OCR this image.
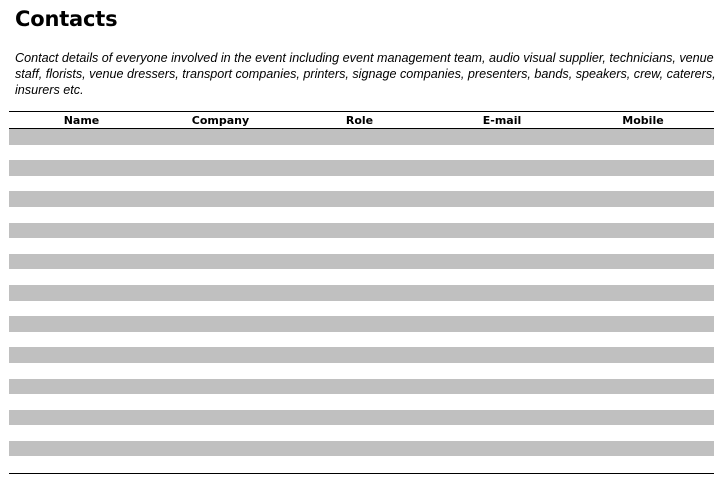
Contacts

Contact details of everyone involved in the event including event management team, audio visual supplier, technicians, venue staff, florists, venue dressers, transport companies, printers, signage companies, presenters, bands, speakers, crew, caterers, insurers etc.

Name	Company	Role	E-mail	Mobile
